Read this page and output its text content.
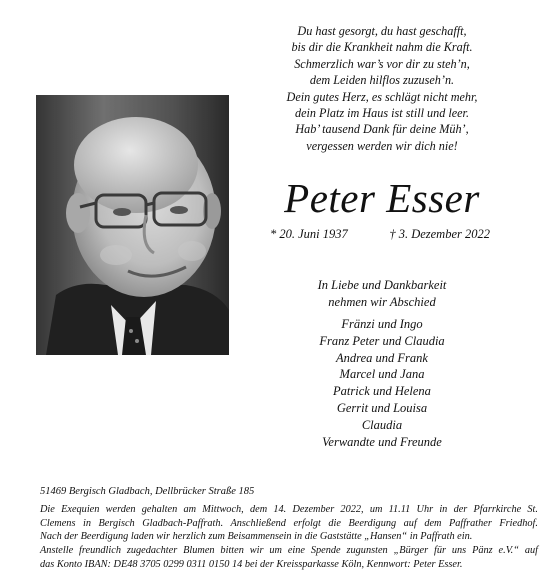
Du hast gesorgt, du hast geschafft,
bis dir die Krankheit nahm die Kraft.
Schmerzlich war’s vor dir zu steh’n,
dem Leiden hilflos zuzuseh’n.
Dein gutes Herz, es schlägt nicht mehr,
dein Platz im Haus ist still und leer.
Hab’ tausend Dank für deine Müh’,
vergessen werden wir dich nie!
Peter Esser
* 20. Juni 1937	† 3. Dezember 2022
In Liebe und Dankbarkeit
nehmen wir Abschied
Fränzi und Ingo
Franz Peter und Claudia
Andrea und Frank
Marcel und Jana
Patrick und Helena
Gerrit und Louisa
Claudia
Verwandte und Freunde
51469 Bergisch Gladbach, Dellbrücker Straße 185
Die Exequien werden gehalten am Mittwoch, dem 14. Dezember 2022, um 11.11 Uhr in der Pfarrkirche St.
Clemens in Bergisch Gladbach-Paffrath. Anschließend erfolgt die Beerdigung auf dem Paffrather Friedhof.
Nach der Beerdigung laden wir herzlich zum Beisammensein in die Gaststätte „Hansen“ in Paffrath ein.
Anstelle freundlich zugedachter Blumen bitten wir um eine Spende zugunsten „Bürger für uns Pänz e.V.“ auf
das Konto IBAN: DE48 3705 0299 0311 0150 14 bei der Kreissparkasse Köln, Kennwort: Peter Esser.
